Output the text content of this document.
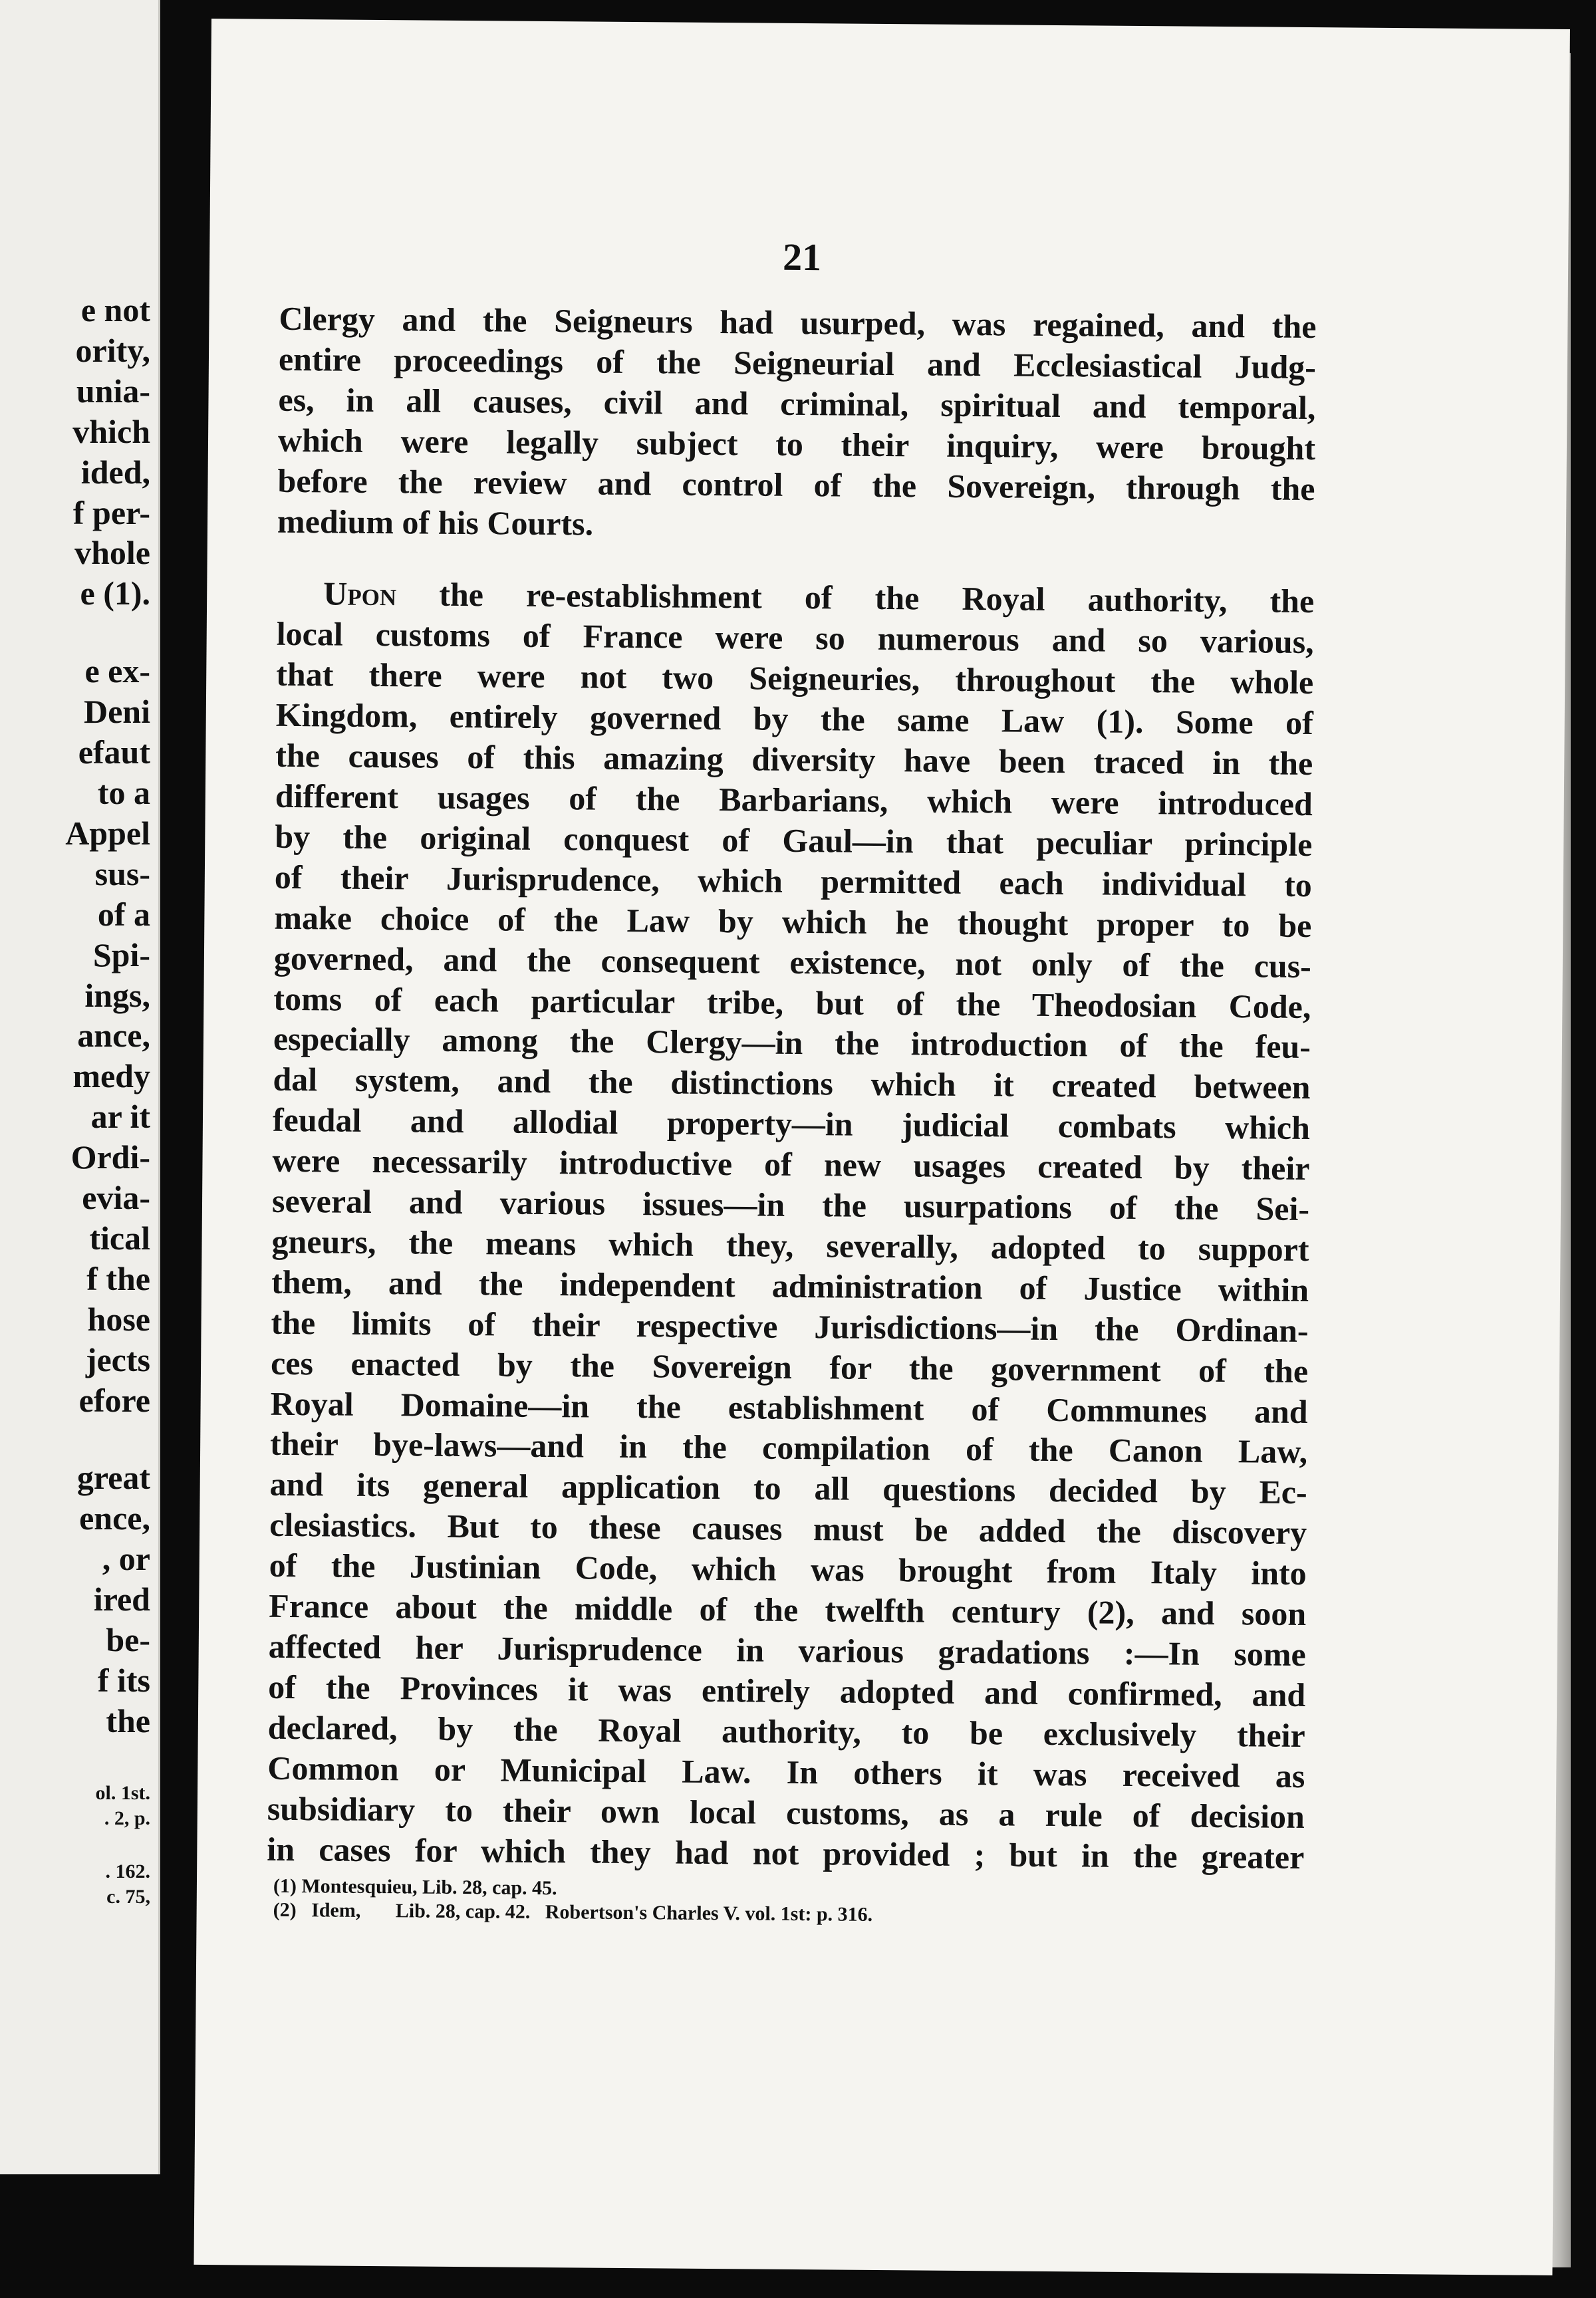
e not
ority,
unia-
vhich
ided,
f per-
vhole
e (1).
e ex-
Deni
efaut
to a
Appel
sus-
of a
Spi-
ings,
ance,
medy
ar it
Ordi-
evia-
tical
f the
hose
jects
efore
great
ence,
, or
ired
be-
f its
the
ol. 1st.
. 2, p.
. 162.
c. 75,
21

Clergy and the Seigneurs had usurped, was regained, and the
entire proceedings of the Seigneurial and Ecclesiastical Judg-
es, in all causes, civil and criminal, spiritual and temporal,
which were legally subject to their inquiry, were brought
before the review and control of the Sovereign, through the
medium of his Courts.

Upon the re-establishment of the Royal authority, the
local customs of France were so numerous and so various,
that there were not two Seigneuries, throughout the whole
Kingdom, entirely governed by the same Law (1). Some of
the causes of this amazing diversity have been traced in the
different usages of the Barbarians, which were introduced
by the original conquest of Gaul—in that peculiar principle
of their Jurisprudence, which permitted each individual to
make choice of the Law by which he thought proper to be
governed, and the consequent existence, not only of the cus-
toms of each particular tribe, but of the Theodosian Code,
especially among the Clergy—in the introduction of the feu-
dal system, and the distinctions which it created between
feudal and allodial property—in judicial combats which
were necessarily introductive of new usages created by their
several and various issues—in the usurpations of the Sei-
gneurs, the means which they, severally, adopted to support
them, and the independent administration of Justice within
the limits of their respective Jurisdictions—in the Ordinan-
ces enacted by the Sovereign for the government of the
Royal Domaine—in the establishment of Communes and
their bye-laws—and in the compilation of the Canon Law,
and its general application to all questions decided by Ec-
clesiastics. But to these causes must be added the discovery
of the Justinian Code, which was brought from Italy into
France about the middle of the twelfth century (2), and soon
affected her Jurisprudence in various gradations :—In some
of the Provinces it was entirely adopted and confirmed, and
declared, by the Royal authority, to be exclusively their
Common or Municipal Law. In others it was received as
subsidiary to their own local customs, as a rule of decision
in cases for which they had not provided ; but in the greater

(1) Montesquieu, Lib. 28, cap. 45.
(2)   Idem,       Lib. 28, cap. 42.   Robertson's Charles V. vol. 1st: p. 316.
